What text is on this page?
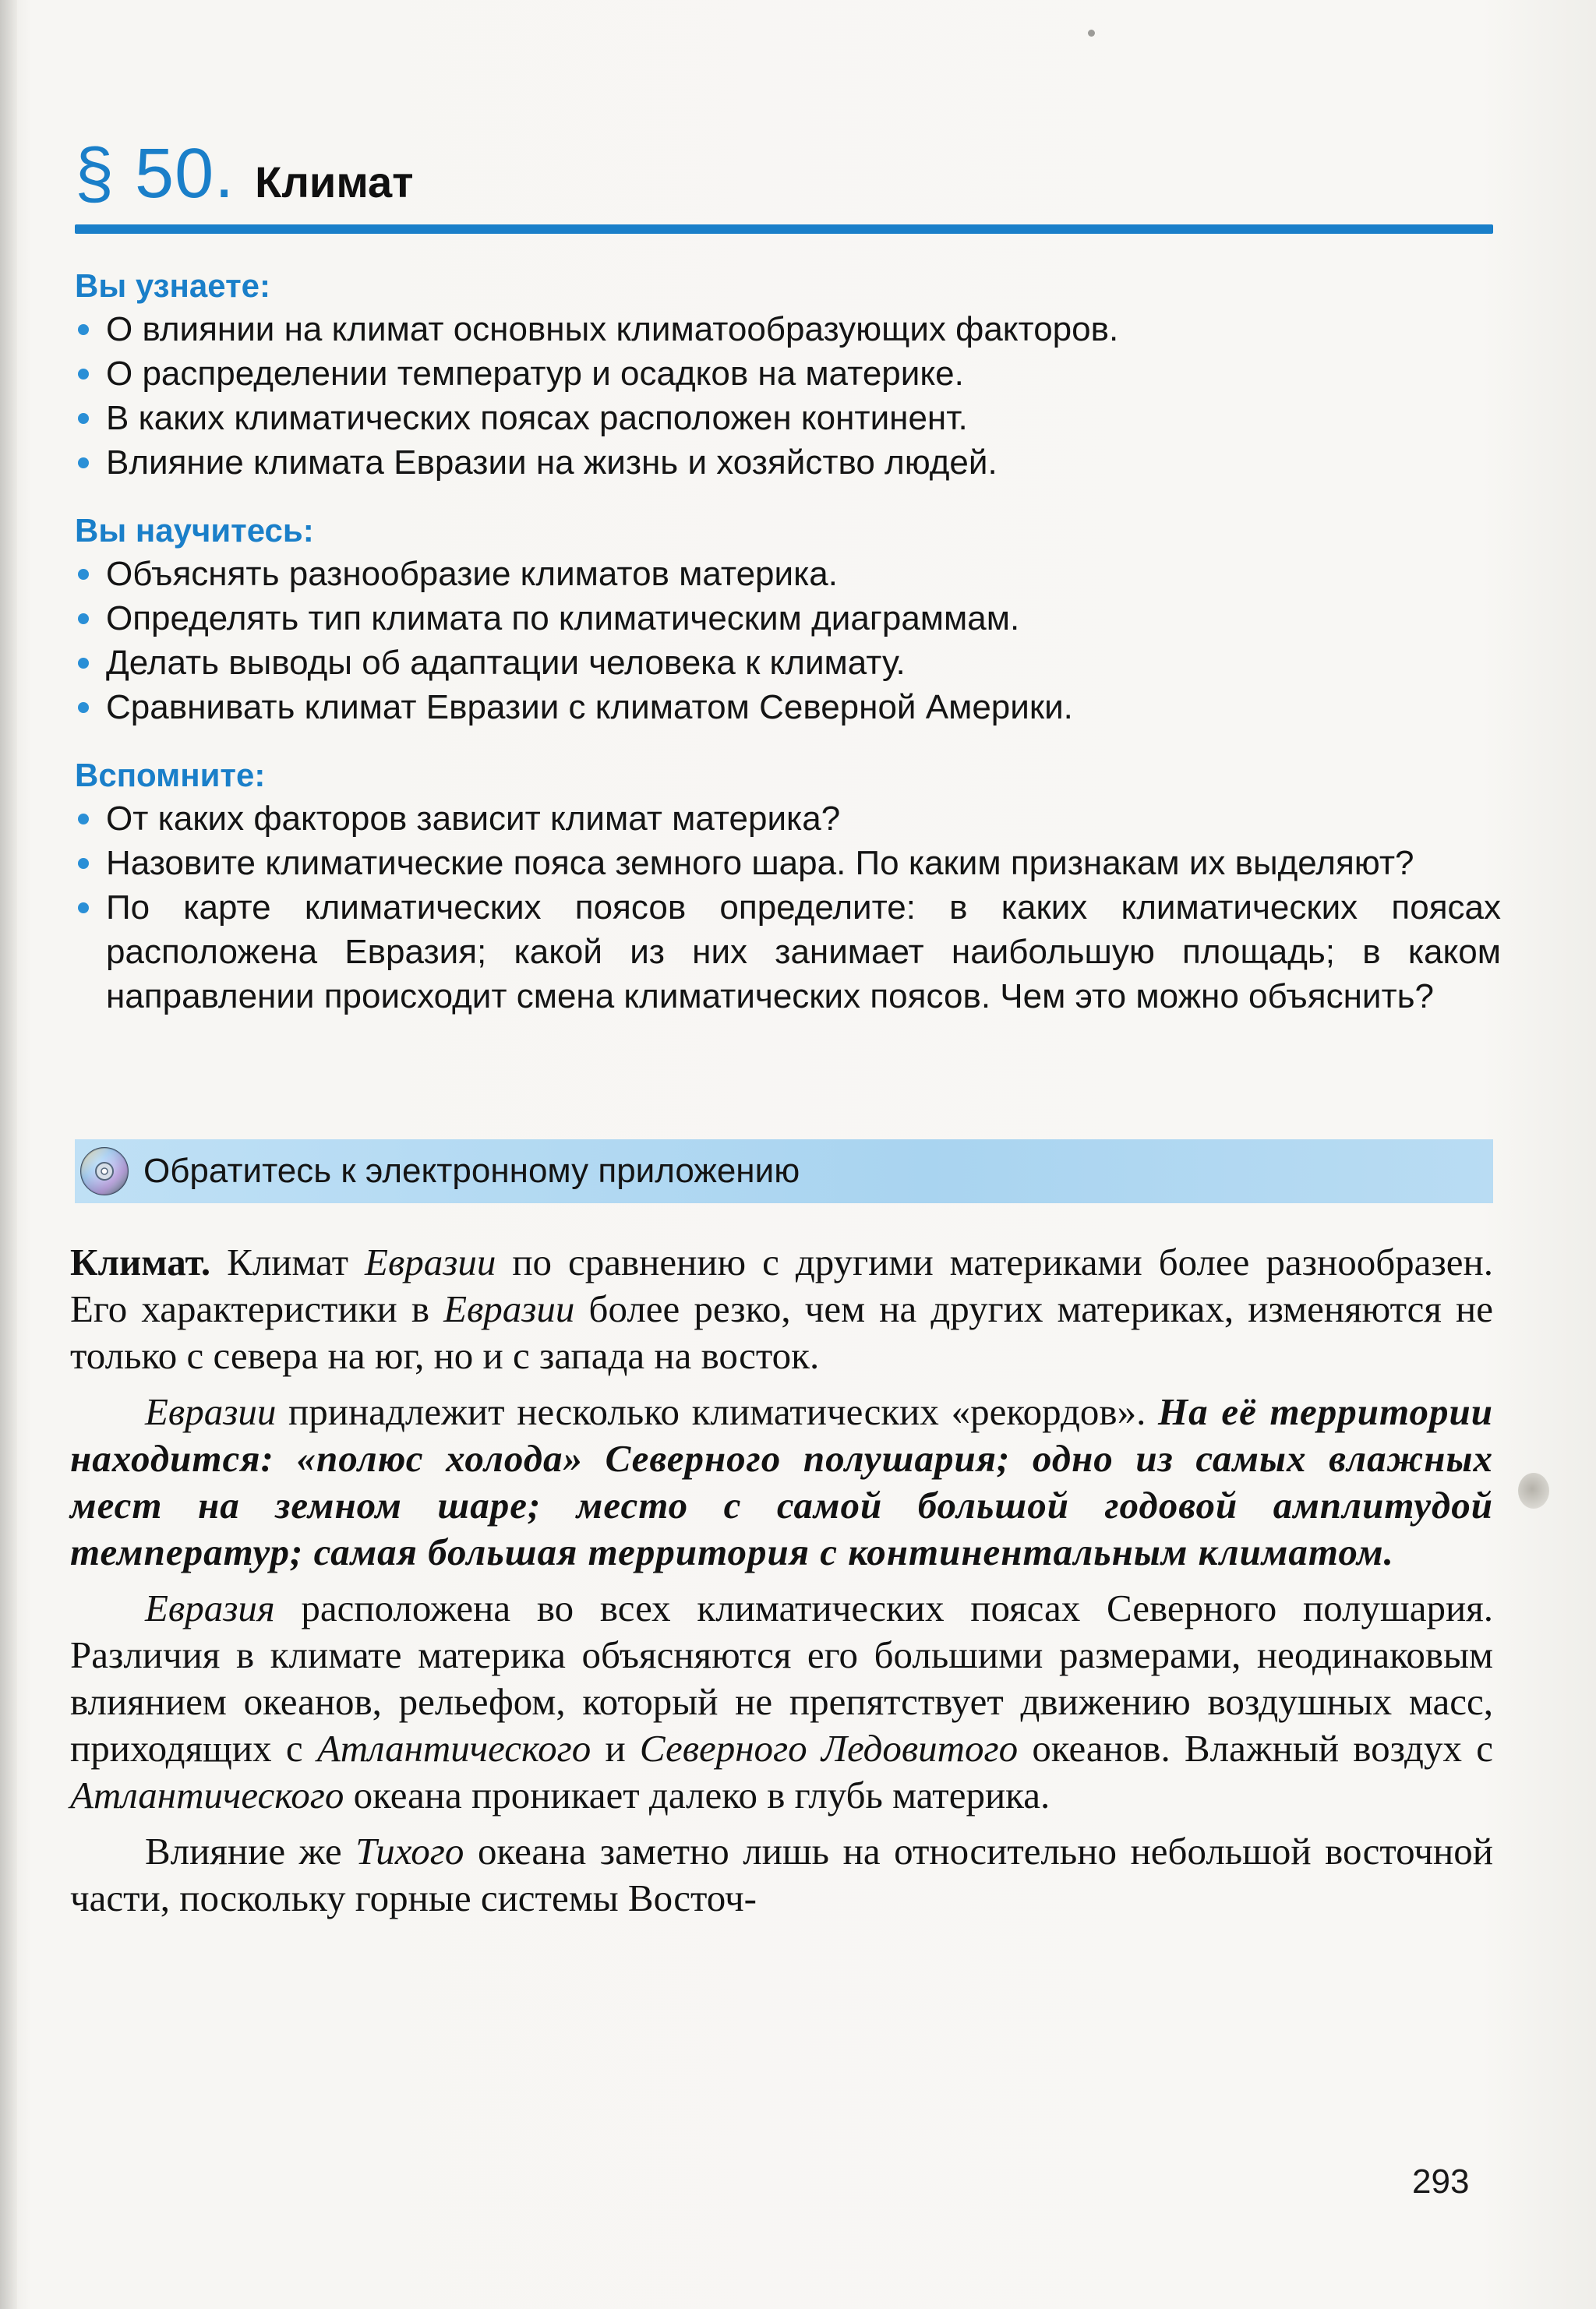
§ 50. Климат
Вы узнаете:
О влиянии на климат основных климатообразующих факторов.
О распределении температур и осадков на материке.
В каких климатических поясах расположен континент.
Влияние климата Евразии на жизнь и хозяйство людей.
Вы научитесь:
Объяснять разнообразие климатов материка.
Определять тип климата по климатическим диаграммам.
Делать выводы об адаптации человека к климату.
Сравнивать климат Евразии с климатом Северной Америки.
Вспомните:
От каких факторов зависит климат материка?
Назовите климатические пояса земного шара. По каким признакам их выделяют?
По карте климатических поясов определите: в каких климатических поясах расположена Евразия; какой из них занимает наибольшую площадь; в каком направлении происходит смена климатических поясов. Чем это можно объяснить?
Обратитесь к электронному приложению

Климат. Климат Евразии по сравнению с другими материками более разнообразен. Его характеристики в Евразии более резко, чем на других материках, изменяются не только с севера на юг, но и с запада на восток.

Евразии принадлежит несколько климатических «рекордов». На её территории находится: «полюс холода» Северного полушария; одно из самых влажных мест на земном шаре; место с самой большой годовой амплитудой температур; самая большая территория с континентальным климатом.

Евразия расположена во всех климатических поясах Северного полушария. Различия в климате материка объясняются его большими размерами, неодинаковым влиянием океанов, рельефом, который не препятствует движению воздушных масс, приходящих с Атлантического и Северного Ледовитого океанов. Влажный воздух с Атлантического океана проникает далеко в глубь материка.

Влияние же Тихого океана заметно лишь на относительно небольшой восточной части, поскольку горные системы Восточ-

293
